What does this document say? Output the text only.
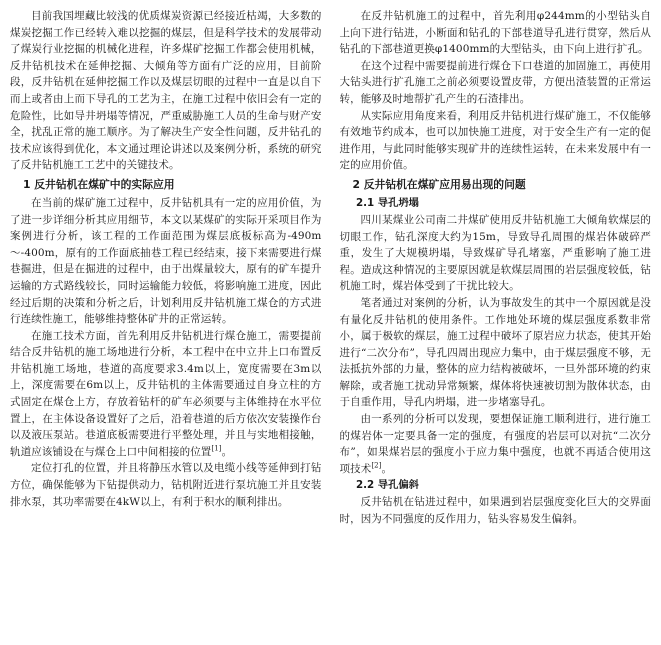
目前我国埋藏比较浅的优质煤炭资源已经接近枯竭，大多数的煤炭挖掘工作已经转入难以挖掘的煤层，但是科学技术的发展带动了煤炭行业挖掘的机械化进程，许多煤矿挖掘工作都会使用机械，反井钻机技术在延伸挖掘、大倾角等方面有广泛的应用，目前阶段，反井钻机在延伸挖掘工作以及煤层切眼的过程中一直是以自下而上或者由上而下导孔的工艺为主，在施工过程中依旧会有一定的危险性，比如导井坍塌等情况，严重威胁施工人员的生命与财产安全，扰乱正常的施工顺序。为了解决生产安全性问题，反井钻孔的技术应该得到优化，本文通过理论讲述以及案例分析，系统的研究了反井钻机施工工艺中的关键技术。

1 反井钻机在煤矿中的实际应用

在当前的煤矿施工过程中，反井钻机具有一定的应用价值，为了进一步详细分析其应用细节，本文以某煤矿的实际开采项目作为案例进行分析，该工程的工作面范围为煤层底板标高为-490m～-400m，原有的工作面底抽巷工程已经结束，接下来需要进行煤巷掘进，但是在掘进的过程中，由于出煤量较大，原有的矿车提升运输的方式路线较长，同时运输能力较低，将影响施工进度，因此经过后期的决策和分析之后，计划利用反井钻机施工煤仓的方式进行连续性施工，能够维持整体矿井的正常运转。

在施工技术方面，首先利用反井钻机进行煤仓施工，需要提前结合反井钻机的施工场地进行分析，本工程中在中立井上口布置反井钻机施工场地，巷道的高度要求3.4m以上，宽度需要在3m以上，深度需要在6m以上，反井钻机的主体需要通过自身立柱的方式固定在煤仓上方，存放着钻杆的矿车必须要与主体维持在水平位置上，在主体设备设置好了之后，沿着巷道的后方依次安装操作台以及液压泵站。巷道底板需要进行平整处理，并且与实地相接触，轨道应该铺设在与煤仓上口中间相接的位置[1]。

定位打孔的位置，并且将静压水管以及电缆小线等延伸到打钻方位，确保能够为下钻提供动力，钻机附近进行泵坑施工并且安装排水泵，其功率需要在4kW以上，有利于积水的顺利排出。

在反井钻机施工的过程中，首先利用φ244mm的小型钻头自上向下进行钻进，小断面和钻孔的下部巷道导孔进行贯穿，然后从钻孔的下部巷道更换φ1400mm的大型钻头，由下向上进行扩孔。

在这个过程中需要提前进行煤仓下口巷道的加固施工，再使用大钻头进行扩孔施工之前必须要设置皮带，方便出渣装置的正常运转，能够及时地帮扩孔产生的石渣排出。

从实际应用角度来看，利用反井钻机进行煤矿施工，不仅能够有效地节约成本，也可以加快施工进度，对于安全生产有一定的促进作用，与此同时能够实现矿井的连续性运转，在未来发展中有一定的应用价值。

2 反井钻机在煤矿应用易出现的问题
2.1 导孔坍塌

四川某煤业公司南二井煤矿使用反井钻机施工大倾角软煤层的切眼工作，钻孔深度大约为15m，导致导孔周围的煤岩体破碎严重，发生了大规模坍塌，导致煤矿导孔堵塞，严重影响了施工进程。造成这种情况的主要原因就是软煤层周围的岩层强度较低，钻机施工时，煤岩体受到了干扰比较大。

笔者通过对案例的分析，认为事故发生的其中一个原因就是没有量化反井钻机的使用条件。工作地处环境的煤层强度系数非常小，属于极软的煤层，施工过程中破坏了原岩应力状态，使其开始进行“二次分布”，导孔四周出现应力集中，由于煤层强度不够，无法抵抗外部的力量，整体的应力结构被破坏，一旦外部环境的约束解除，或者施工扰动异常频繁，煤体将快速被切割为散体状态，由于自重作用，导孔内坍塌，进一步堵塞导孔。

由一系列的分析可以发现，要想保证施工顺利进行，进行施工的煤岩体一定要具备一定的强度，有强度的岩层可以对抗“二次分布”，如果煤岩层的强度小于应力集中强度，也就不再适合使用这项技术[2]。

2.2 导孔偏斜

反井钻机在钻进过程中，如果遇到岩层强度变化巨大的交界面时，因为不同强度的反作用力，钻头容易发生偏斜。
